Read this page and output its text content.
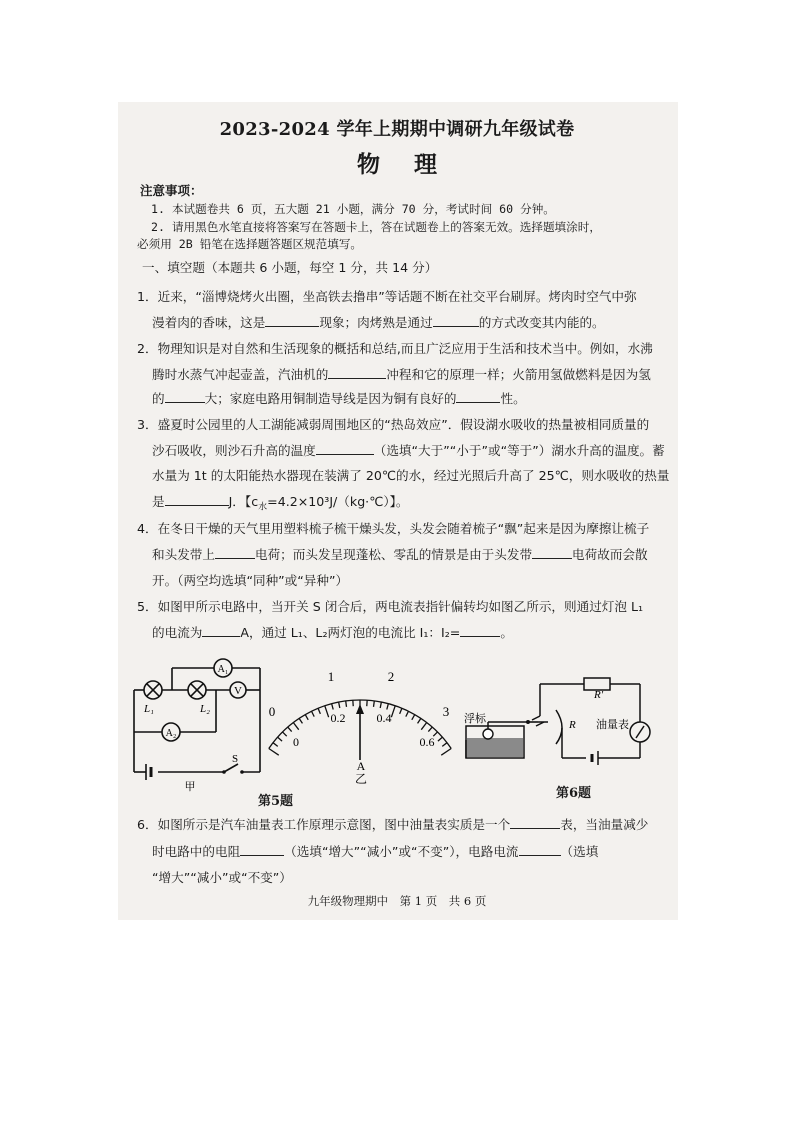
2023-2024 学年上期期中调研九年级试卷
物理
注意事项：
1. 本试题卷共 6 页，五大题 21 小题，满分 70 分，考试时间 60 分钟。
2. 请用黑色水笔直接将答案写在答题卡上，答在试题卷上的答案无效。选择题填涂时，
必须用 2B 铅笔在选择题答题区规范填写。
一、填空题（本题共 6 小题，每空 1 分，共 14 分）
1．近来，“淄博烧烤火出圈，坐高铁去撸串”等话题不断在社交平台刷屏。烤肉时空气中弥
漫着肉的香味，这是	现象；肉烤熟是通过	的方式改变其内能的。
2．物理知识是对自然和生活现象的概括和总结,而且广泛应用于生活和技术当中。例如，水沸
腾时水蒸气冲起壶盖，汽油机的	冲程和它的原理一样；火箭用氢做燃料是因为氢
的	大；家庭电路用铜制造导线是因为铜有良好的	性。
3．盛夏时公园里的人工湖能减弱周围地区的“热岛效应”．假设湖水吸收的热量被相同质量的
沙石吸收，则沙石升高的温度	（选填“大于”“小于”或“等于”）湖水升高的温度。蓄
水量为 1t 的太阳能热水器现在装满了 20℃的水，经过光照后升高了 25℃，则水吸收的热量
是	J．【$c_水=4.2\times 10^3J/(kg\cdot℃)$】。
4．在冬日干燥的天气里用塑料梳子梳干燥头发，头发会随着梳子“飘”起来是因为摩擦让梳子
和头发带上	电荷；而头发呈现蓬松、零乱的情景是由于头发带	电荷故而会散
开。（两空均选填“同种”或“异种”）
5．如图甲所示电路中，当开关 S 闭合后，两电流表指针偏转均如图乙所示，则通过灯泡 L₁
的电流为	A，通过 L₁、L₂两灯泡的电流比 I₁：I₂=	。
A₁
V
A₂
L₁	L₂
S
甲
0
1	2
3
0
0.2	0.4
0.6
A
乙
第5题
浮标
R′
R 油量表
第6题
6．如图所示是汽车油量表工作原理示意图，图中油量表实质是一个	表，当油量减少
时电路中的电阻	（选填“增大”“减小”或“不变”），电路电流	（选填
“增大”“减小”或“不变”）
九年级物理期中　第 1 页　共 6 页
